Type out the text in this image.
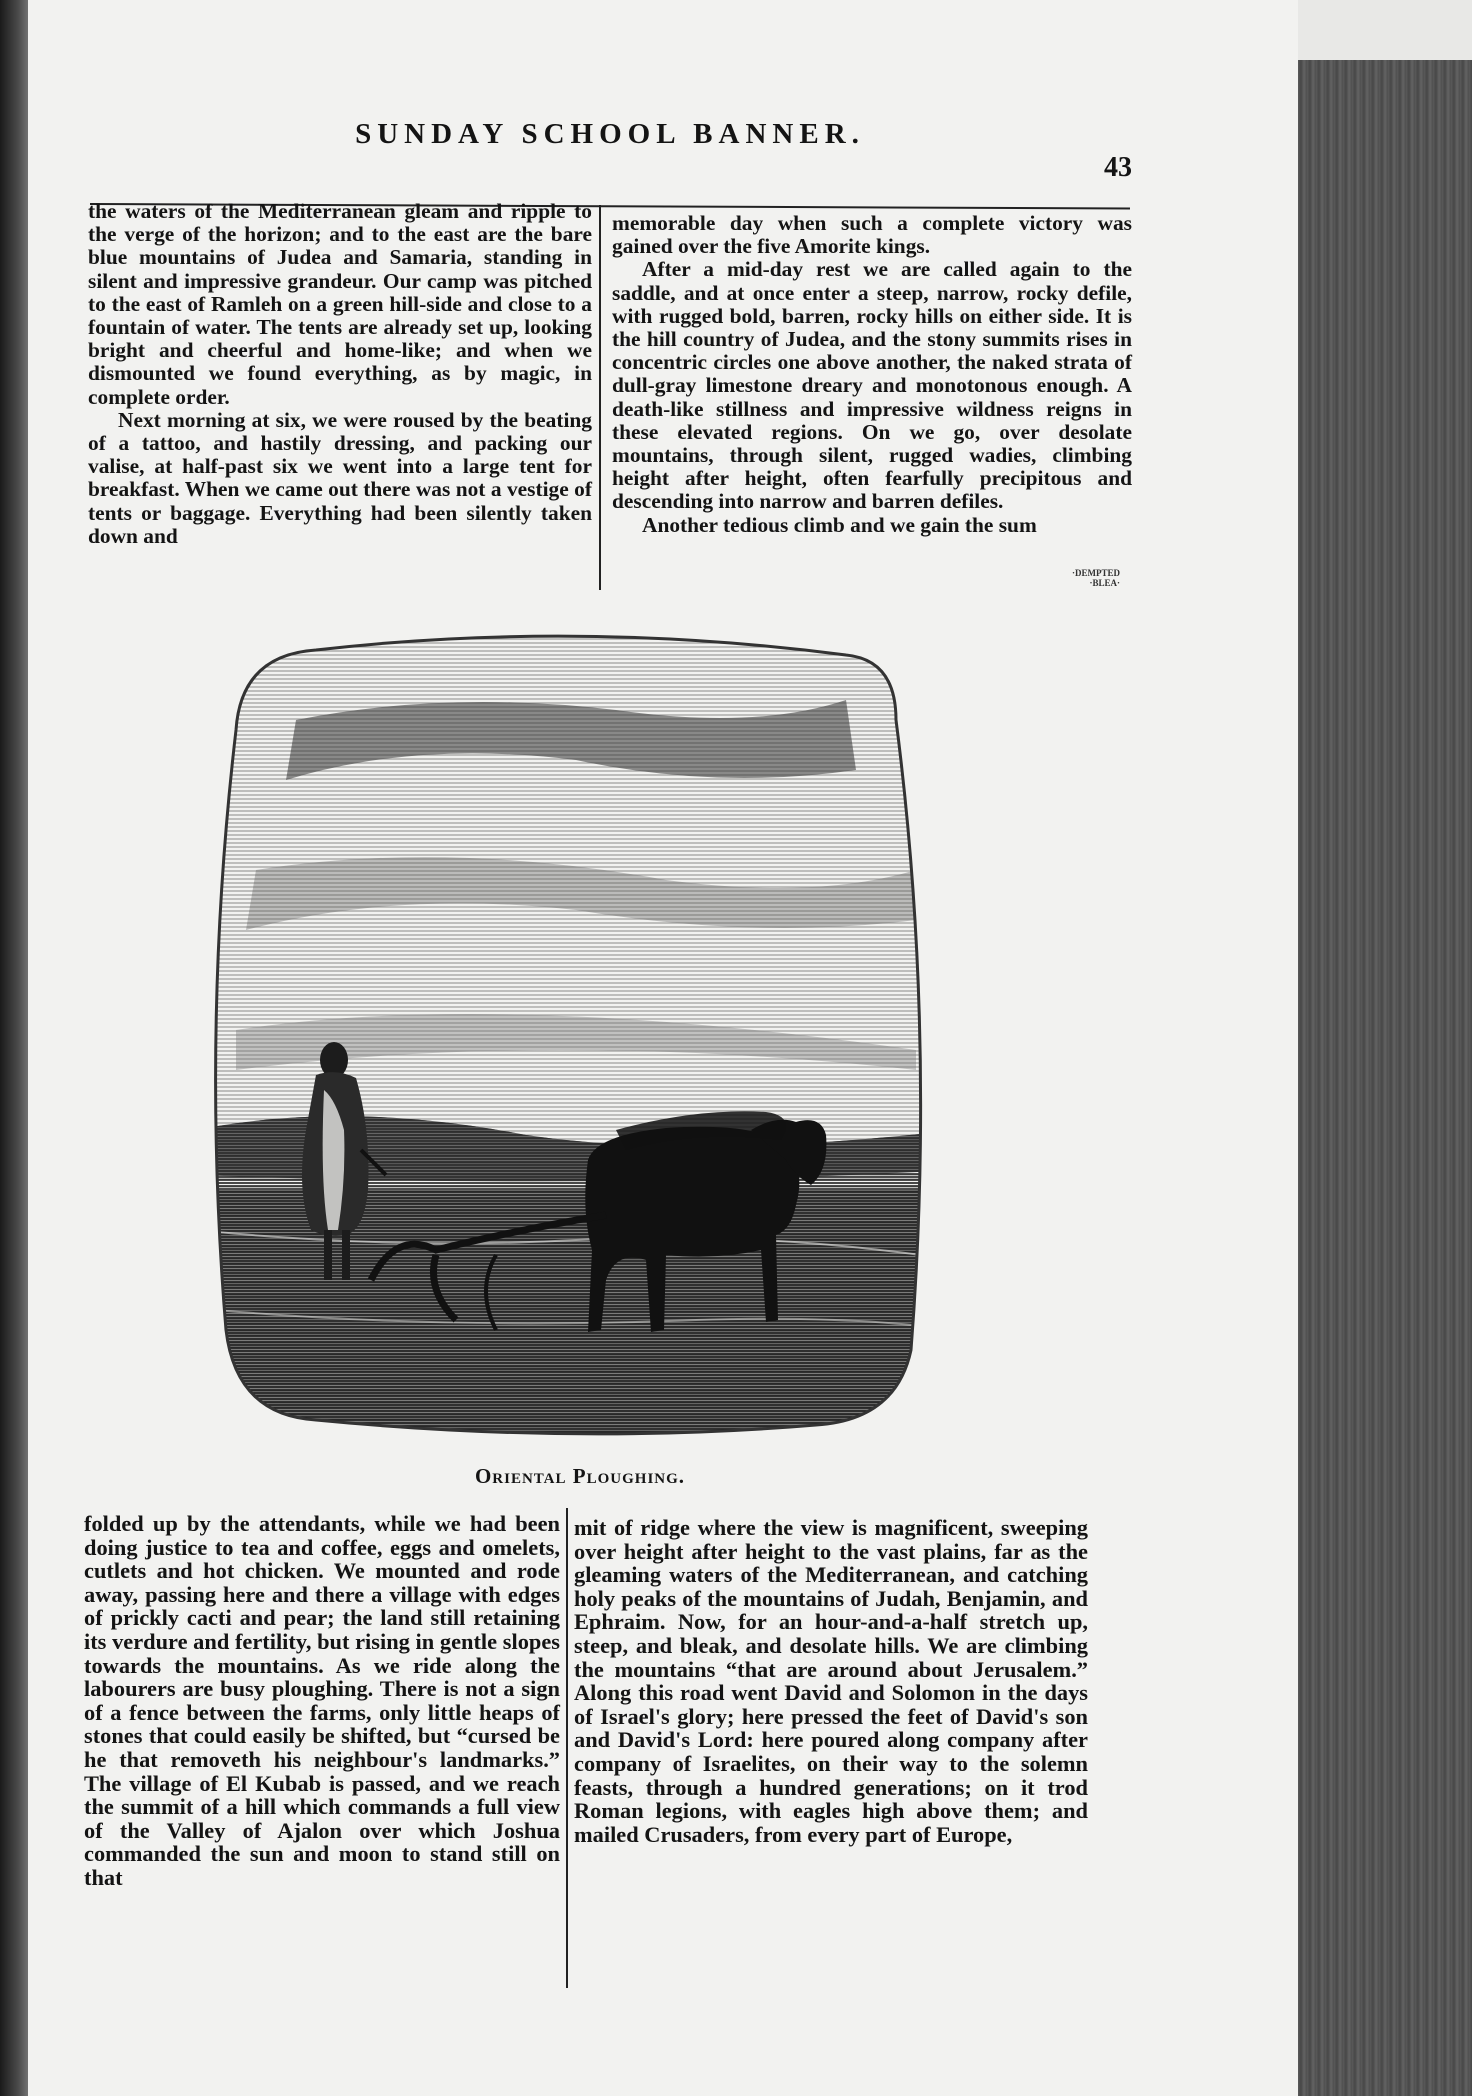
SUNDAY SCHOOL BANNER.
43

the waters of the Mediterranean gleam and ripple to the verge of the horizon; and to the east are the bare blue mountains of Judea and Samaria, standing in silent and impressive grandeur. Our camp was pitched to the east of Ramleh on a green hill-side and close to a fountain of water. The tents are already set up, looking bright and cheerful and home-like; and when we dismounted we found everything, as by magic, in complete order.

Next morning at six, we were roused by the beating of a tattoo, and hastily dressing, and packing our valise, at half-past six we went into a large tent for breakfast. When we came out there was not a vestige of tents or baggage. Everything had been silently taken down and

memorable day when such a complete victory was gained over the five Amorite kings.

After a mid-day rest we are called again to the saddle, and at once enter a steep, narrow, rocky defile, with rugged bold, barren, rocky hills on either side. It is the hill country of Judea, and the stony summits rises in concentric circles one above another, the naked strata of dull-gray limestone dreary and monotonous enough. A death-like stillness and impressive wildness reigns in these elevated regions. On we go, over desolate mountains, through silent, rugged wadies, climbing height after height, often fearfully precipitous and descending into narrow and barren defiles.

Another tedious climb and we gain the sum

·DEMPTED
·BLEA·
Oriental Ploughing.

folded up by the attendants, while we had been doing justice to tea and coffee, eggs and omelets, cutlets and hot chicken. We mounted and rode away, passing here and there a village with edges of prickly cacti and pear; the land still retaining its verdure and fertility, but rising in gentle slopes towards the mountains. As we ride along the labourers are busy ploughing. There is not a sign of a fence between the farms, only little heaps of stones that could easily be shifted, but “cursed be he that removeth his neighbour's landmarks.” The village of El Kubab is passed, and we reach the summit of a hill which commands a full view of the Valley of Ajalon over which Joshua commanded the sun and moon to stand still on that

mit of ridge where the view is magnificent, sweeping over height after height to the vast plains, far as the gleaming waters of the Mediterranean, and catching holy peaks of the mountains of Judah, Benjamin, and Ephraim. Now, for an hour-and-a-half stretch up, steep, and bleak, and desolate hills. We are climbing the mountains “that are around about Jerusalem.” Along this road went David and Solomon in the days of Israel's glory; here pressed the feet of David's son and David's Lord: here poured along company after company of Israelites, on their way to the solemn feasts, through a hundred generations; on it trod Roman legions, with eagles high above them; and mailed Crusaders, from every part of Europe,
